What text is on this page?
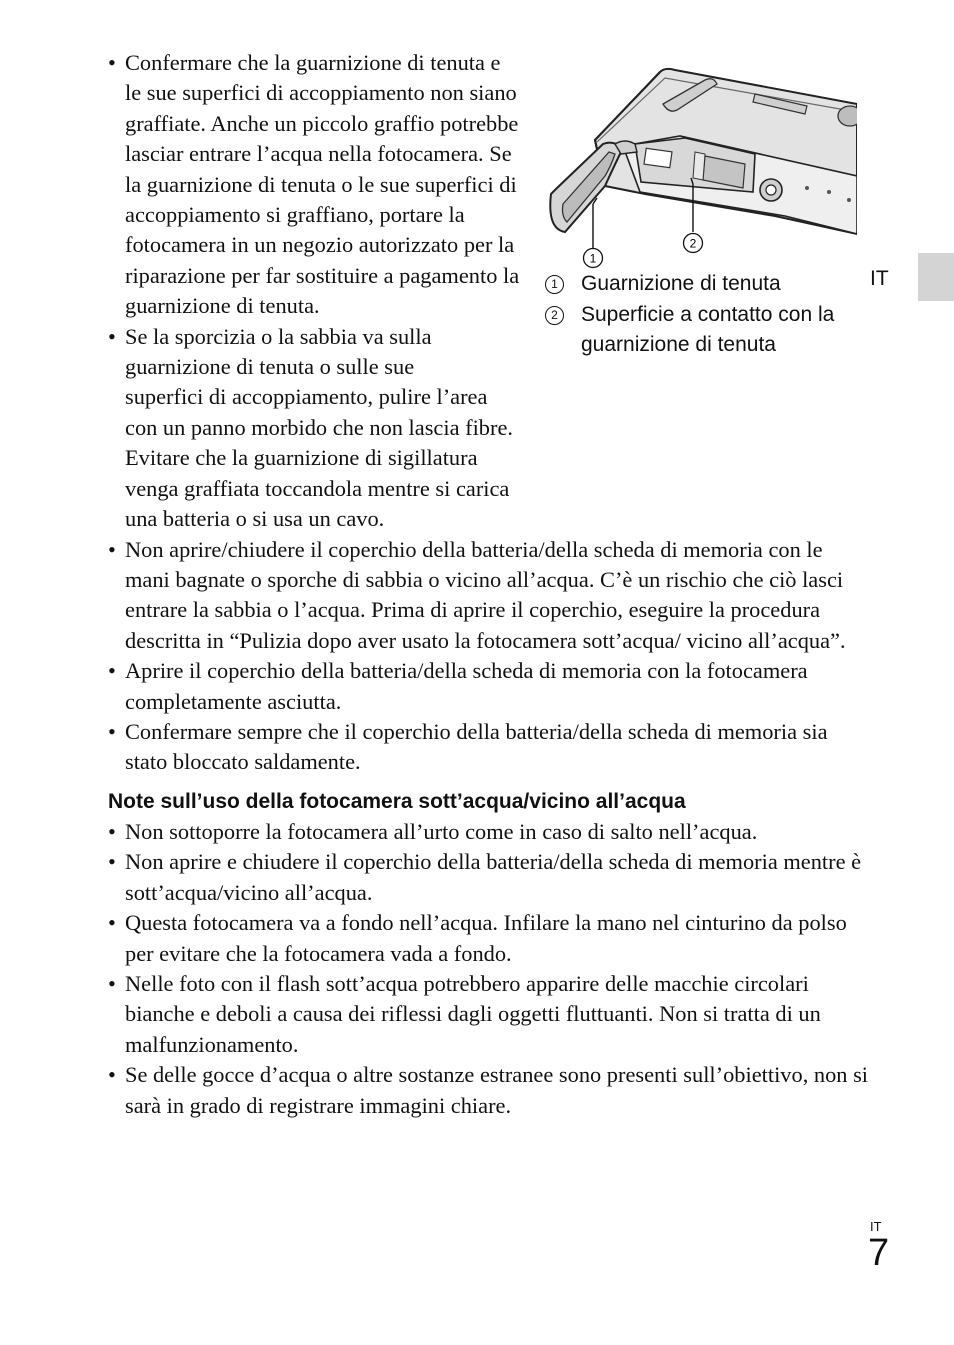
• Confermare che la guarnizione di tenuta e le sue superfici di accoppiamento non siano graffiate. Anche un piccolo graffio potrebbe lasciar entrare l’acqua nella fotocamera. Se la guarnizione di tenuta o le sue superfici di accoppiamento si graffiano, portare la fotocamera in un negozio autorizzato per la riparazione per far sostituire a pagamento la guarnizione di tenuta.
• Se la sporcizia o la sabbia va sulla guarnizione di tenuta o sulle sue
superfici di accoppiamento, pulire l’area con un panno morbido che non lascia fibre. Evitare che la guarnizione di sigillatura venga graffiata toccandola mentre si carica una batteria o si usa un cavo.
• Non aprire/chiudere il coperchio della batteria/della scheda di memoria con le mani bagnate o sporche di sabbia o vicino all’acqua. C’è un rischio che ciò lasci entrare la sabbia o l’acqua. Prima di aprire il coperchio, eseguire la procedura descritta in “Pulizia dopo aver usato la fotocamera sott’acqua/ vicino all’acqua”.
• Aprire il coperchio della batteria/della scheda di memoria con la fotocamera completamente asciutta.
• Confermare sempre che il coperchio della batteria/della scheda di memoria sia stato bloccato saldamente.
1
2
1 Guarnizione di tenuta
2 Superficie a contatto con la guarnizione di tenuta
IT
Note sull’uso della fotocamera sott’acqua/vicino all’acqua
• Non sottoporre la fotocamera all’urto come in caso di salto nell’acqua.
• Non aprire e chiudere il coperchio della batteria/della scheda di memoria mentre è sott’acqua/vicino all’acqua.
• Questa fotocamera va a fondo nell’acqua. Infilare la mano nel cinturino da polso per evitare che la fotocamera vada a fondo.
• Nelle foto con il flash sott’acqua potrebbero apparire delle macchie circolari bianche e deboli a causa dei riflessi dagli oggetti fluttuanti. Non si tratta di un malfunzionamento.
• Se delle gocce d’acqua o altre sostanze estranee sono presenti sull’obiettivo, non si sarà in grado di registrare immagini chiare.
IT
7
